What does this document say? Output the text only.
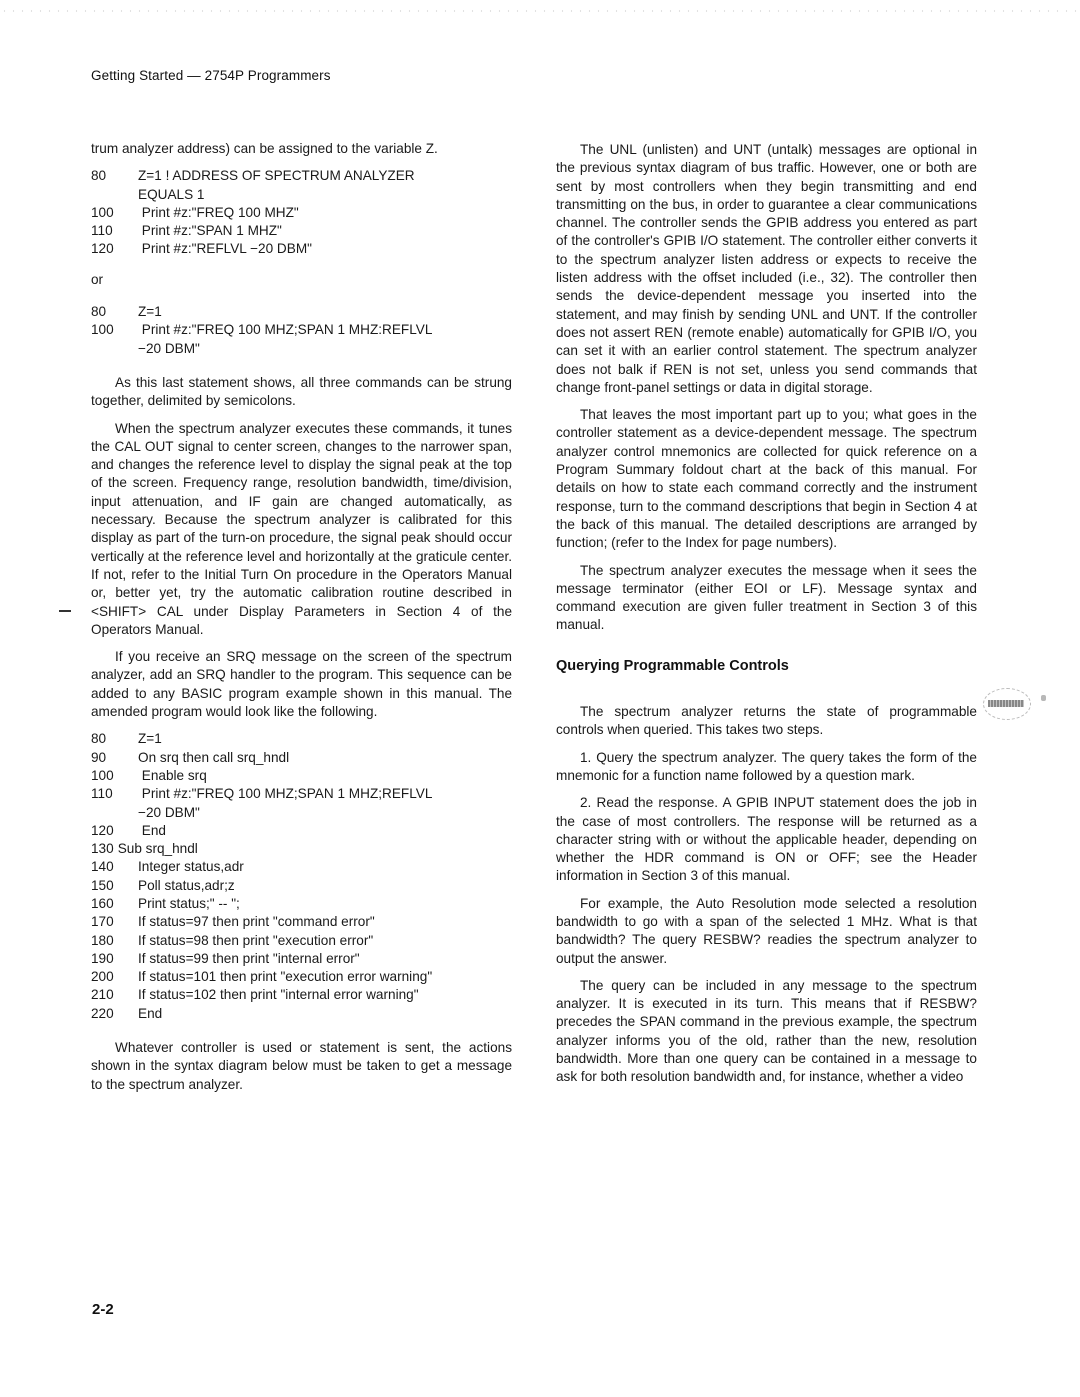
Getting Started — 2754P Programmers

trum analyzer address) can be assigned to the variable Z.

80	Z=1 ! ADDRESS OF SPECTRUM ANALYZER
EQUALS 1
100	Print #z:"FREQ 100 MHZ"
110	Print #z:"SPAN 1 MHZ"
120	Print #z:"REFLVL −20 DBM"
or
80	Z=1
100	Print #z:"FREQ 100 MHZ;SPAN 1 MHZ:REFLVL
−20 DBM"

As this last statement shows, all three commands can be strung together, delimited by semicolons.

When the spectrum analyzer executes these commands, it tunes the CAL OUT signal to center screen, changes to the narrower span, and changes the reference level to display the signal peak at the top of the screen. Frequency range, resolution bandwidth, time/division, input attenuation, and IF gain are changed automatically, as necessary. Because the spectrum analyzer is calibrated for this display as part of the turn-on procedure, the signal peak should occur vertically at the reference level and horizontally at the graticule center. If not, refer to the Initial Turn On procedure in the Operators Manual or, better yet, try the automatic calibration routine described in <SHIFT> CAL under Display Parameters in Section 4 of the Operators Manual.

If you receive an SRQ message on the screen of the spectrum analyzer, add an SRQ handler to the program. This sequence can be added to any BASIC program example shown in this manual. The amended program would look like the following.

80	Z=1
90	On srq then call srq_hndl
100	Enable srq
110	Print #z:"FREQ 100 MHZ;SPAN 1 MHZ;REFLVL
−20 DBM"
120	End
130 Sub srq_hndl
140	Integer status,adr
150	Poll status,adr;z
160	Print status;" -- ";
170	If status=97 then print "command error"
180	If status=98 then print "execution error"
190	If status=99 then print "internal error"
200	If status=101 then print "execution error warning"
210	If status=102 then print "internal error warning"
220	End

Whatever controller is used or statement is sent, the actions shown in the syntax diagram below must be taken to get a message to the spectrum analyzer.

The UNL (unlisten) and UNT (untalk) messages are optional in the previous syntax diagram of bus traffic. However, one or both are sent by most controllers when they begin transmitting and end transmitting on the bus, in order to guarantee a clear communications channel. The controller sends the GPIB address you entered as part of the controller's GPIB I/O statement. The controller either converts it to the spectrum analyzer listen address or expects to receive the listen address with the offset included (i.e., 32). The controller then sends the device-dependent message you inserted into the statement, and may finish by sending UNL and UNT. If the controller does not assert REN (remote enable) automatically for GPIB I/O, you can set it with an earlier control statement. The spectrum analyzer does not balk if REN is not set, unless you send commands that change front-panel settings or data in digital storage.

That leaves the most important part up to you; what goes in the controller statement as a device-dependent message. The spectrum analyzer control mnemonics are collected for quick reference on a Program Summary foldout chart at the back of this manual. For details on how to state each command correctly and the instrument response, turn to the command descriptions that begin in Section 4 at the back of this manual. The detailed descriptions are arranged by function; (refer to the Index for page numbers).

The spectrum analyzer executes the message when it sees the message terminator (either EOI or LF). Message syntax and command execution are given fuller treatment in Section 3 of this manual.

Querying Programmable Controls

The spectrum analyzer returns the state of programmable controls when queried. This takes two steps.

1. Query the spectrum analyzer. The query takes the form of the mnemonic for a function name followed by a question mark.
2. Read the response. A GPIB INPUT statement does the job in the case of most controllers. The response will be returned as a character string with or without the applicable header, depending on whether the HDR command is ON or OFF; see the Header information in Section 3 of this manual.

For example, the Auto Resolution mode selected a resolution bandwidth to go with a span of the selected 1 MHz. What is that bandwidth? The query RESBW? readies the spectrum analyzer to output the answer.

The query can be included in any message to the spectrum analyzer. It is executed in its turn. This means that if RESBW? precedes the SPAN command in the previous example, the spectrum analyzer informs you of the old, rather than the new, resolution bandwidth. More than one query can be contained in a message to ask for both resolution bandwidth and, for instance, whether a video

2-2
